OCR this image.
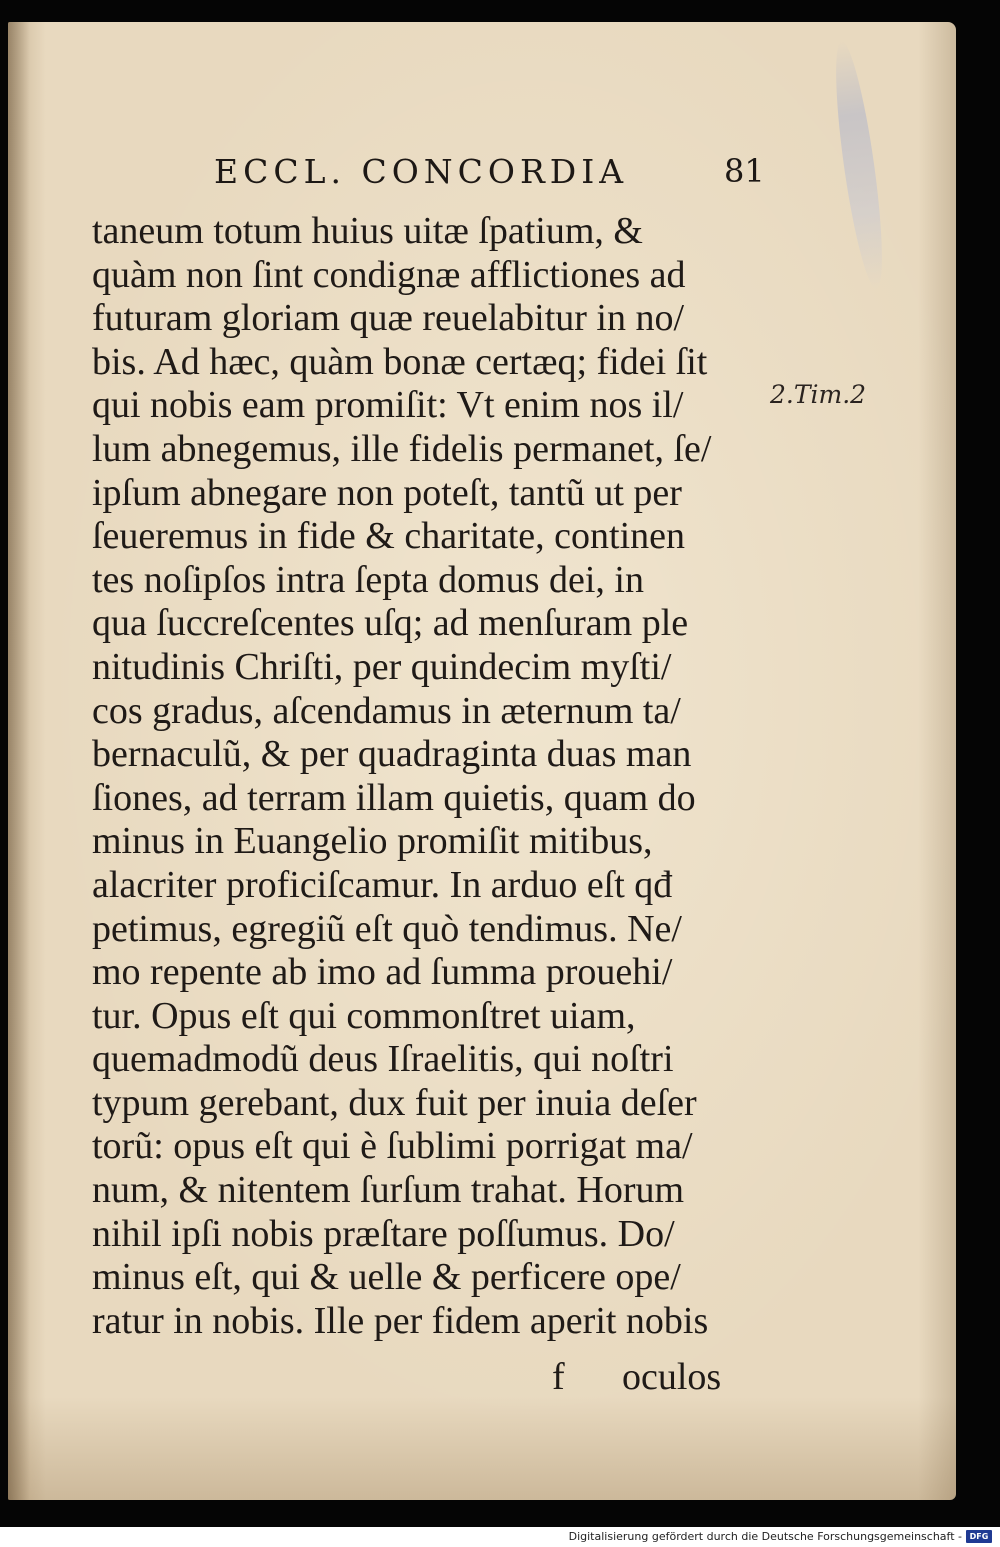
ECCL. CONCORDIA	81
2.Tim.2
taneum totum huius uitæ ſpatium, &
quàm non ſint condignæ afflictiones ad
futuram gloriam quæ reuelabitur in no/
bis. Ad hæc, quàm bonæ certæq; fidei ſit
qui nobis eam promiſit: Vt enim nos il/
lum abnegemus, ille fidelis permanet, ſe/
ipſum abnegare non poteſt, tantũ ut per
ſeueremus in fide & charitate, continen
tes noſipſos intra ſepta domus dei, in
qua ſuccreſcentes uſq; ad menſuram ple
nitudinis Chriſti, per quindecim myſti/
cos gradus, aſcendamus in æternum ta/
bernaculũ, & per quadraginta duas man
ſiones, ad terram illam quietis, quam do
minus in Euangelio promiſit mitibus,
alacriter proficiſcamur. In arduo eſt qđ
petimus, egregiũ eſt quò tendimus. Ne/
mo repente ab imo ad ſumma prouehi/
tur. Opus eſt qui commonſtret uiam,
quemadmodũ deus Iſraelitis, qui noſtri
typum gerebant, dux fuit per inuia deſer
torũ: opus eſt qui è ſublimi porrigat ma/
num, & nitentem ſurſum trahat. Horum
nihil ipſi nobis præſtare poſſumus. Do/
minus eſt, qui & uelle & perficere ope/
ratur in nobis. Ille per fidem aperit nobis
f oculos
Digitalisierung gefördert durch die Deutsche Forschungsgemeinschaft - DFG
